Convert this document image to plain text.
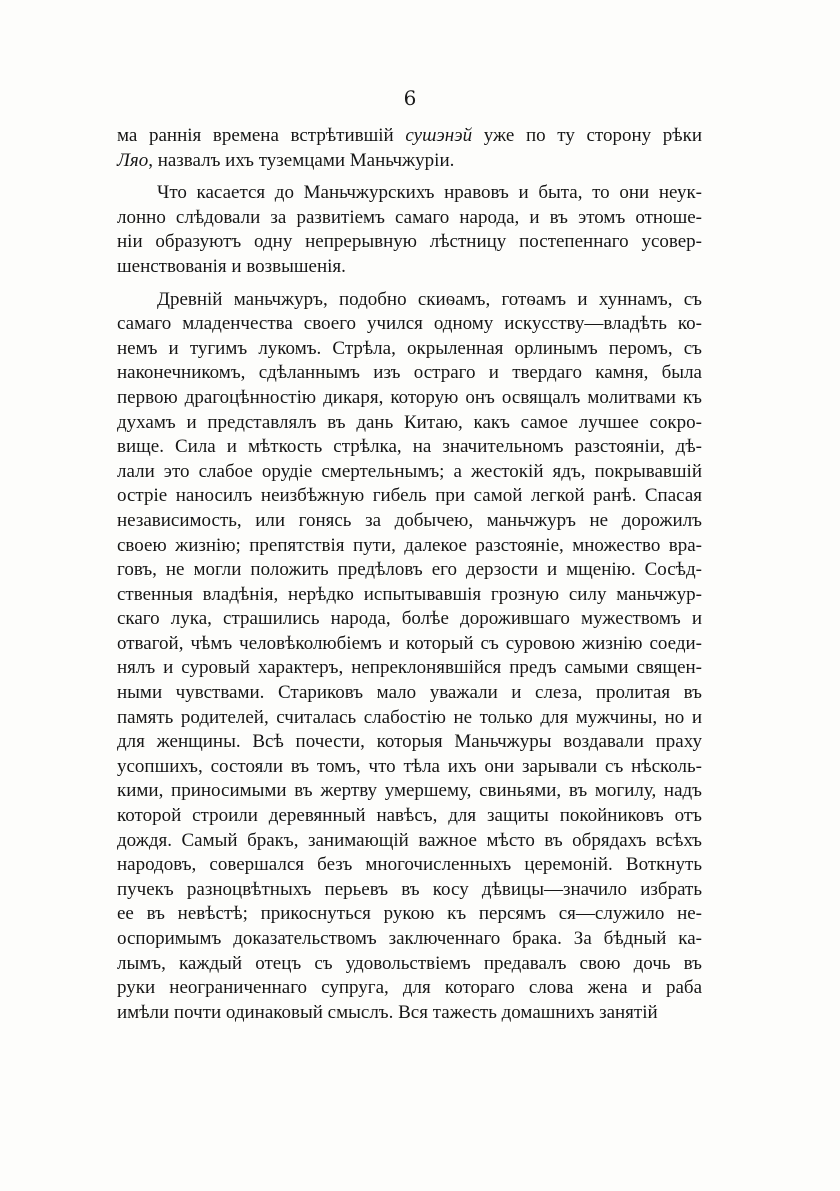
6
ма раннія времена встрѣтившій сушэнэй уже по ту сторону рѣки
Ляо, назвалъ ихъ туземцами Маньчжуріи.
Что касается до Маньчжурскихъ нравовъ и быта, то они неук-
лонно слѣдовали за развитіемъ самаго народа, и въ этомъ отноше-
ніи образуютъ одну непрерывную лѣстницу постепеннаго усовер-
шенствованія и возвышенія.
Древній маньчжуръ, подобно скиѳамъ, готѳамъ и хуннамъ, съ
самаго младенчества своего учился одному искусству—владѣть ко-
немъ и тугимъ лукомъ. Стрѣла, окрыленная орлинымъ перомъ, съ
наконечникомъ, сдѣланнымъ изъ остраго и твердаго камня, была
первою драгоцѣнностію дикаря, которую онъ освящалъ молитвами къ
духамъ и представлялъ въ дань Китаю, какъ самое лучшее сокро-
вище. Сила и мѣткость стрѣлка, на значительномъ разстояніи, дѣ-
лали это слабое орудіе смертельнымъ; а жестокій ядъ, покрывавшій
остріе наносилъ неизбѣжную гибель при самой легкой ранѣ. Спасая
независимость, или гонясь за добычею, маньчжуръ не дорожилъ
своею жизнію; препятствія пути, далекое разстояніе, множество вра-
говъ, не могли положить предѣловъ его дерзости и мщенію. Сосѣд-
ственныя владѣнія, нерѣдко испытывавшія грозную силу маньчжур-
скаго лука, страшились народа, болѣе дорожившаго мужествомъ и
отвагой, чѣмъ человѣколюбіемъ и который съ суровою жизнію соеди-
нялъ и суровый характеръ, непреклонявшійся предъ самыми священ-
ными чувствами. Стариковъ мало уважали и слеза, пролитая въ
память родителей, считалась слабостію не только для мужчины, но и
для женщины. Всѣ почести, которыя Маньчжуры воздавали праху
усопшихъ, состояли въ томъ, что тѣла ихъ они зарывали съ нѣсколь-
кими, приносимыми въ жертву умершему, свиньями, въ могилу, надъ
которой строили деревянный навѣсъ, для защиты покойниковъ отъ
дождя. Самый бракъ, занимающій важное мѣсто въ обрядахъ всѣхъ
народовъ, совершался безъ многочисленныхъ церемоній. Воткнуть
пучекъ разноцвѣтныхъ перьевъ въ косу дѣвицы—значило избрать
ее въ невѣстѣ; прикоснуться рукою къ персямъ ся—служило не-
оспоримымъ доказательствомъ заключеннаго брака. За бѣдный ка-
лымъ, каждый отецъ съ удовольствіемъ предавалъ свою дочь въ
руки неограниченнаго супруга, для котораго слова жена и раба
имѣли почти одинаковый смыслъ. Вся тажесть домашнихъ занятій
